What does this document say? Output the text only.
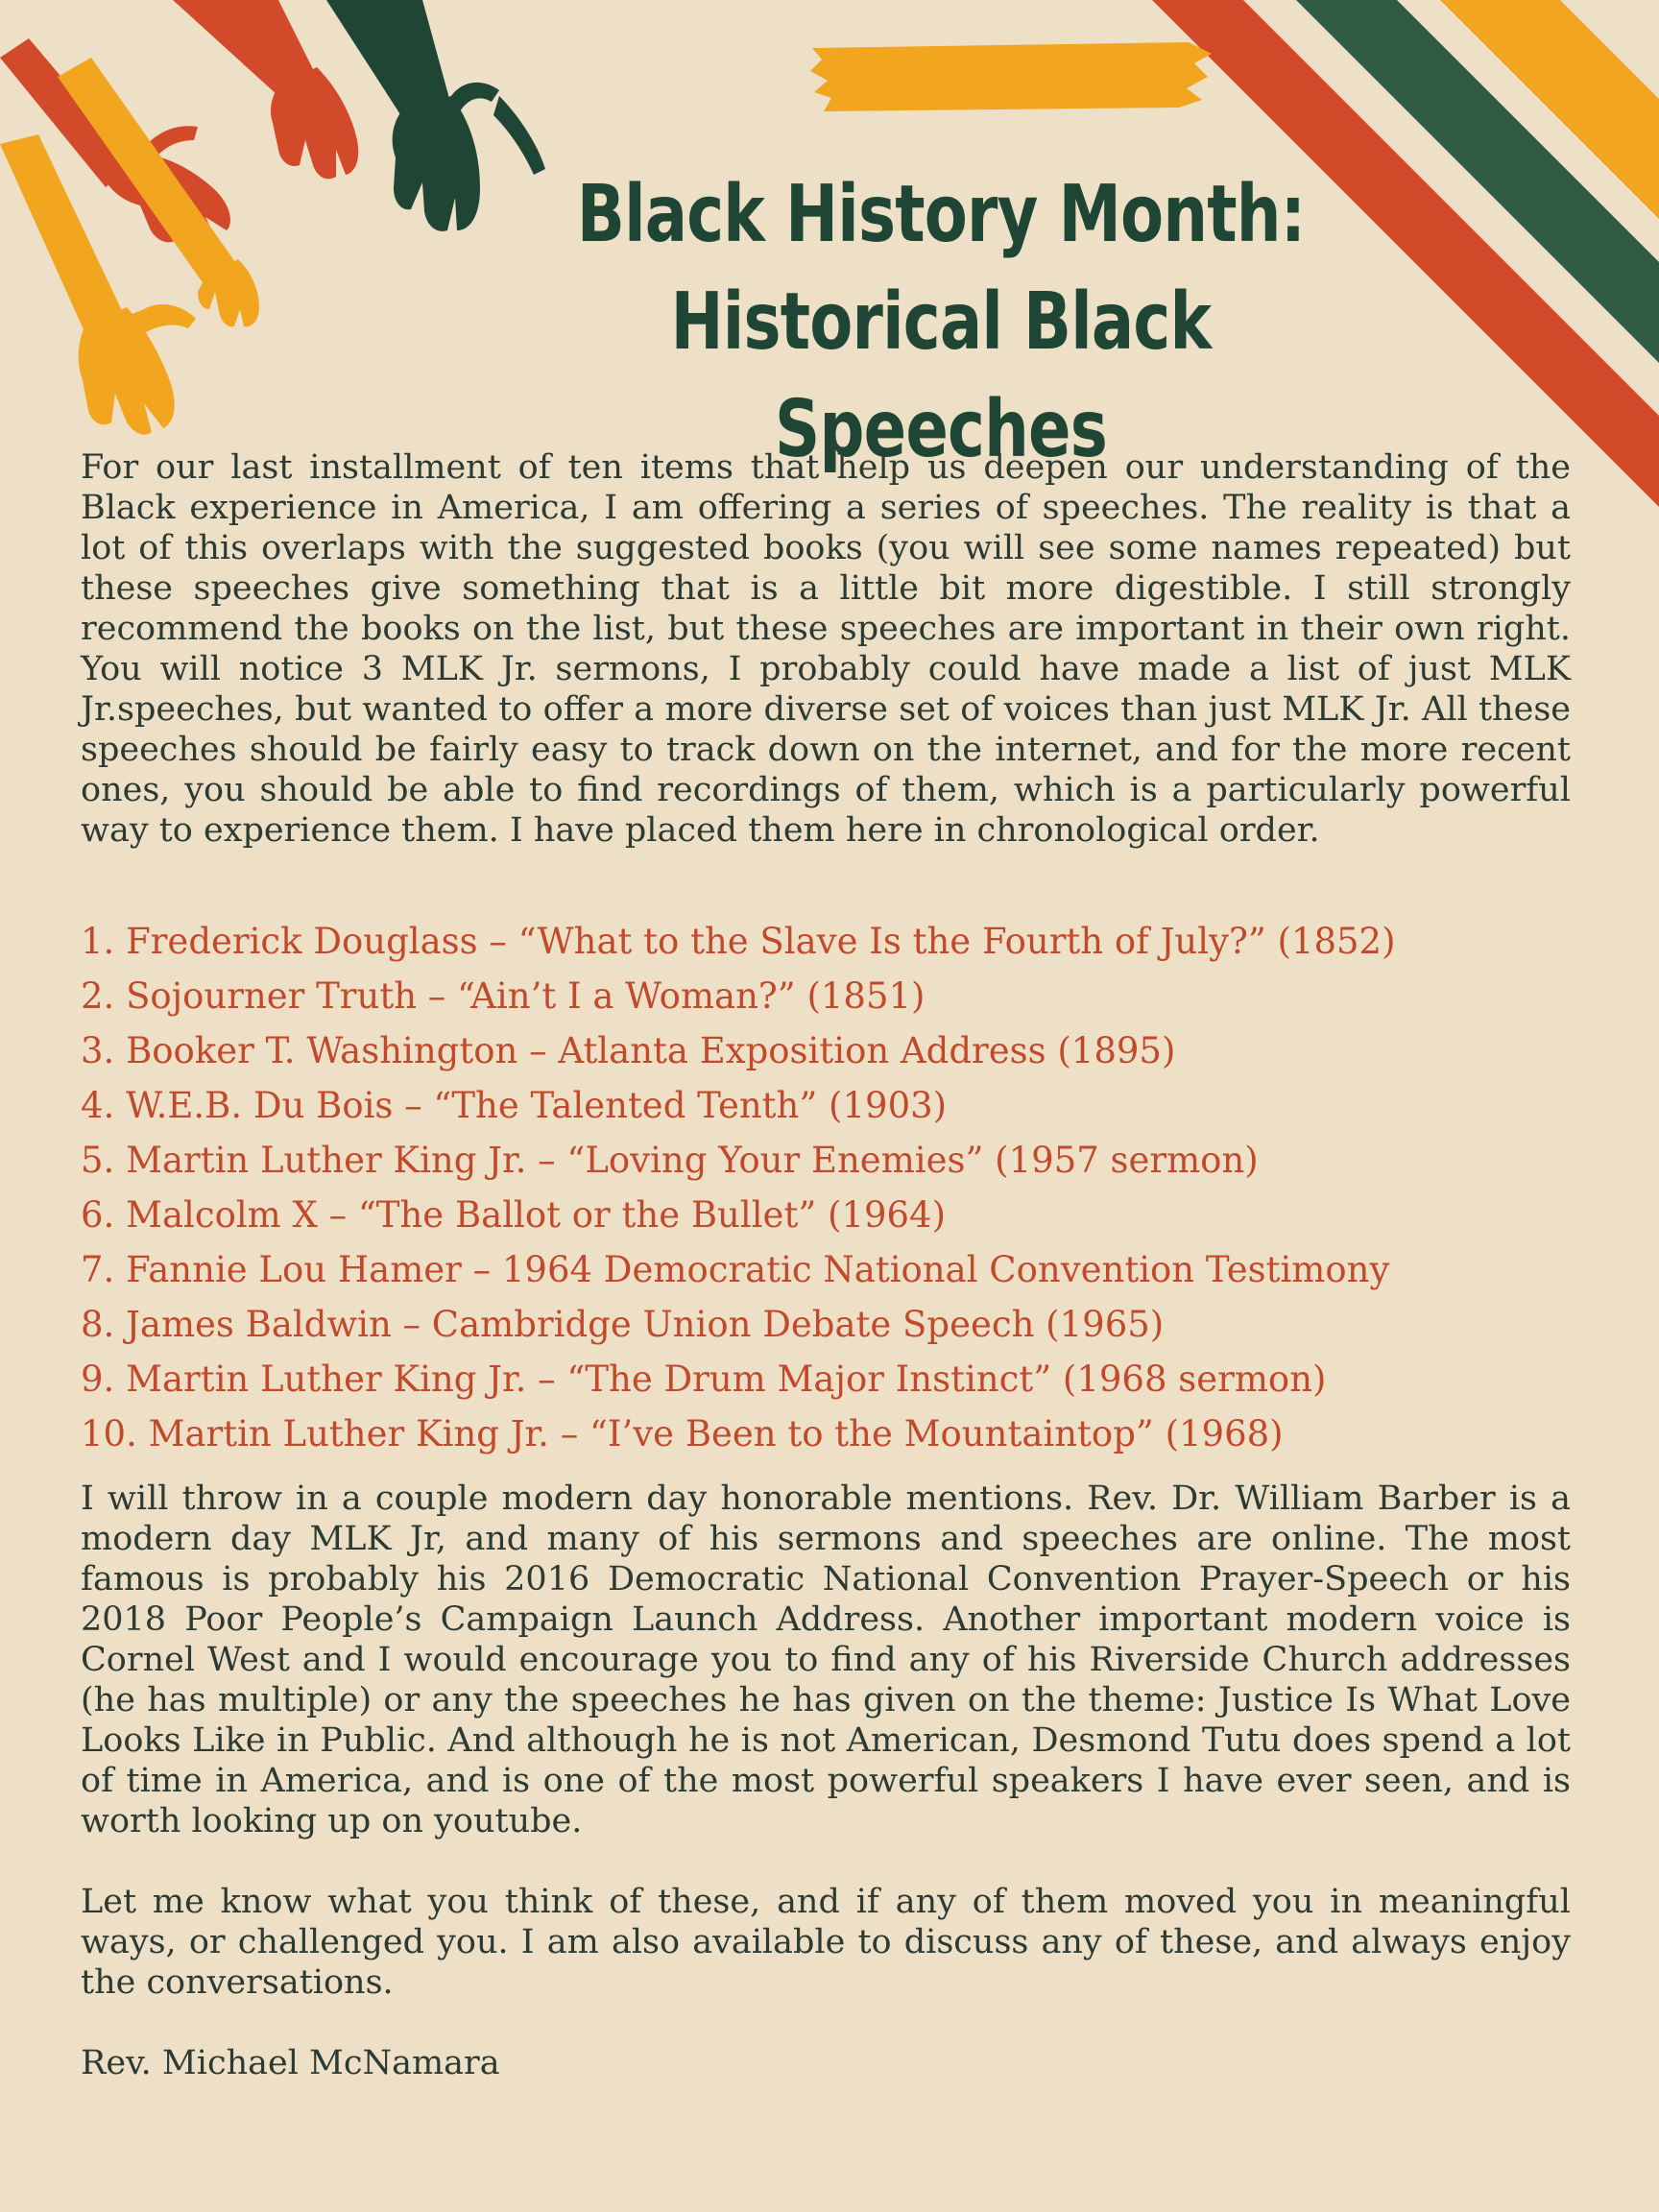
Black History Month:
Historical Black Speeches

For our last installment of ten items that help us deepen our understanding of the Black experience in America, I am offering a series of speeches. The reality is that a lot of this overlaps with the suggested books (you will see some names repeated) but these speeches give something that is a little bit more digestible. I still strongly recommend the books on the list, but these speeches are important in their own right. You will notice 3 MLK Jr. sermons, I probably could have made a list of just MLK Jr.speeches, but wanted to offer a more diverse set of voices than just MLK Jr. All these speeches should be fairly easy to track down on the internet, and for the more recent ones, you should be able to find recordings of them, which is a particularly powerful way to experience them. I have placed them here in chronological order.

1. Frederick Douglass – “What to the Slave Is the Fourth of July?” (1852)
2. Sojourner Truth – “Ain’t I a Woman?” (1851)
3. Booker T. Washington – Atlanta Exposition Address (1895)
4. W.E.B. Du Bois – “The Talented Tenth” (1903)
5. Martin Luther King Jr. – “Loving Your Enemies” (1957 sermon)
6. Malcolm X – “The Ballot or the Bullet” (1964)
7. Fannie Lou Hamer – 1964 Democratic National Convention Testimony
8. James Baldwin – Cambridge Union Debate Speech (1965)
9. Martin Luther King Jr. – “The Drum Major Instinct” (1968 sermon)
10. Martin Luther King Jr. – “I’ve Been to the Mountaintop” (1968)

I will throw in a couple modern day honorable mentions. Rev. Dr. William Barber is a modern day MLK Jr, and many of his sermons and speeches are online. The most famous is probably his 2016 Democratic National Convention Prayer-Speech or his 2018 Poor People’s Campaign Launch Address. Another important modern voice is Cornel West and I would encourage you to find any of his Riverside Church addresses (he has multiple) or any the speeches he has given on the theme: Justice Is What Love Looks Like in Public. And although he is not American, Desmond Tutu does spend a lot of time in America, and is one of the most powerful speakers I have ever seen, and is worth looking up on youtube.

Let me know what you think of these, and if any of them moved you in meaningful ways, or challenged you. I am also available to discuss any of these, and always enjoy the conversations.

Rev. Michael McNamara
